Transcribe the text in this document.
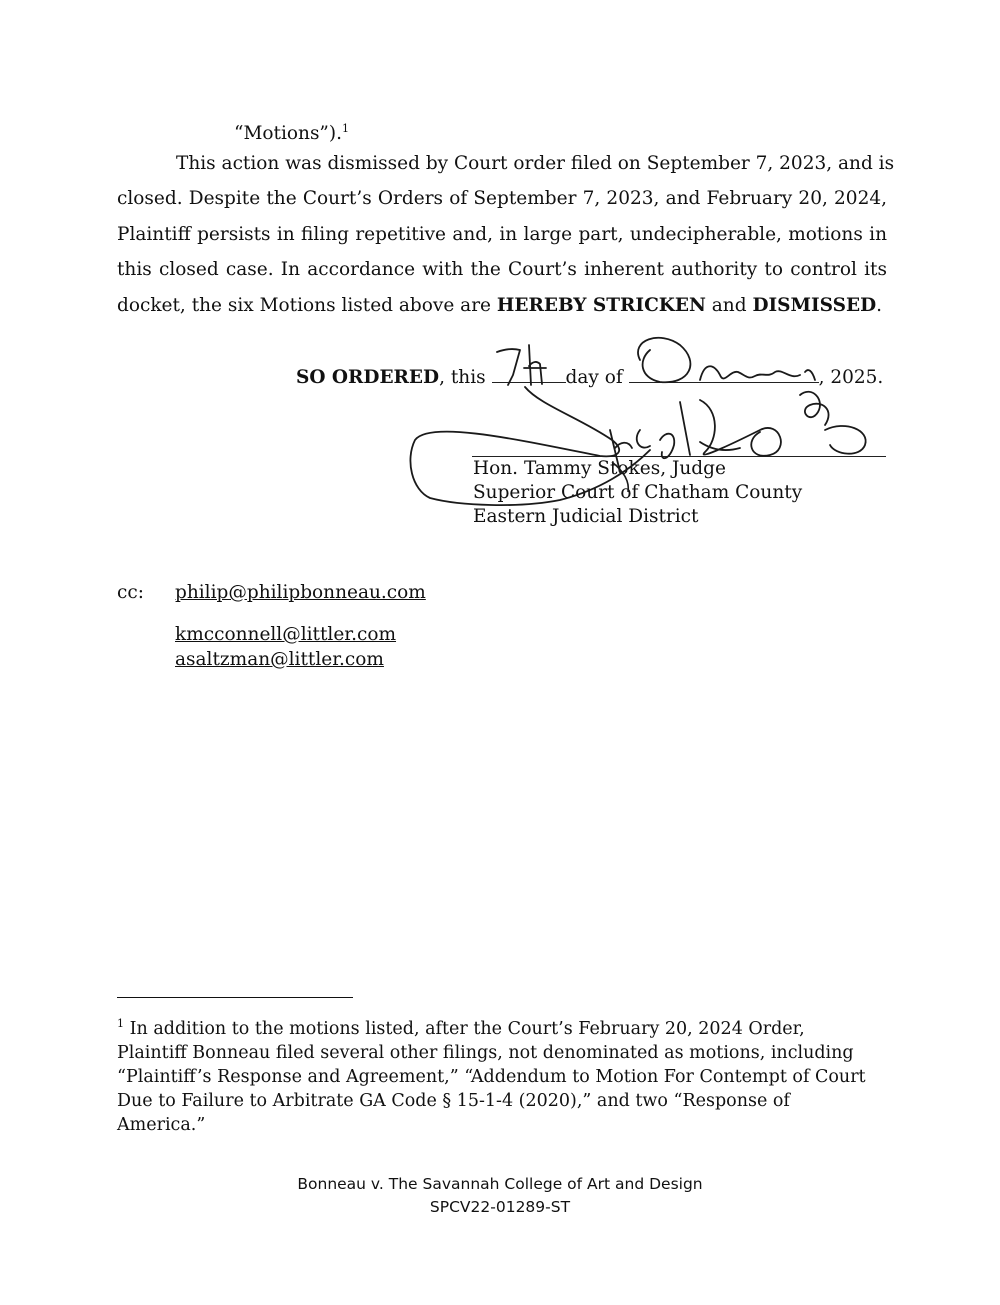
“Motions”).$^1$
This action was dismissed by Court order filed on September 7, 2023, and is
closed. Despite the Court’s Orders of September 7, 2023, and February 20, 2024,
Plaintiff persists in filing repetitive and, in large part, undecipherable, motions in
this closed case. In accordance with the Court’s inherent authority to control its
docket, the six Motions listed above are HEREBY STRICKEN and DISMISSED.
SO ORDERED, this	day of	, 2025.
Hon. Tammy Stokes, Judge
Superior Court of Chatham County
Eastern Judicial District
cc: philip@philipbonneau.com
kmcconnell@littler.com
asaltzman@littler.com
$^1$ In addition to the motions listed, after the Court’s February 20, 2024 Order,
Plaintiff Bonneau filed several other filings, not denominated as motions, including
“Plaintiff’s Response and Agreement,” “Addendum to Motion For Contempt of Court
Due to Failure to Arbitrate GA Code § 15-1-4 (2020),” and two “Response of
America.”
Bonneau v. The Savannah College of Art and Design
SPCV22-01289-ST
